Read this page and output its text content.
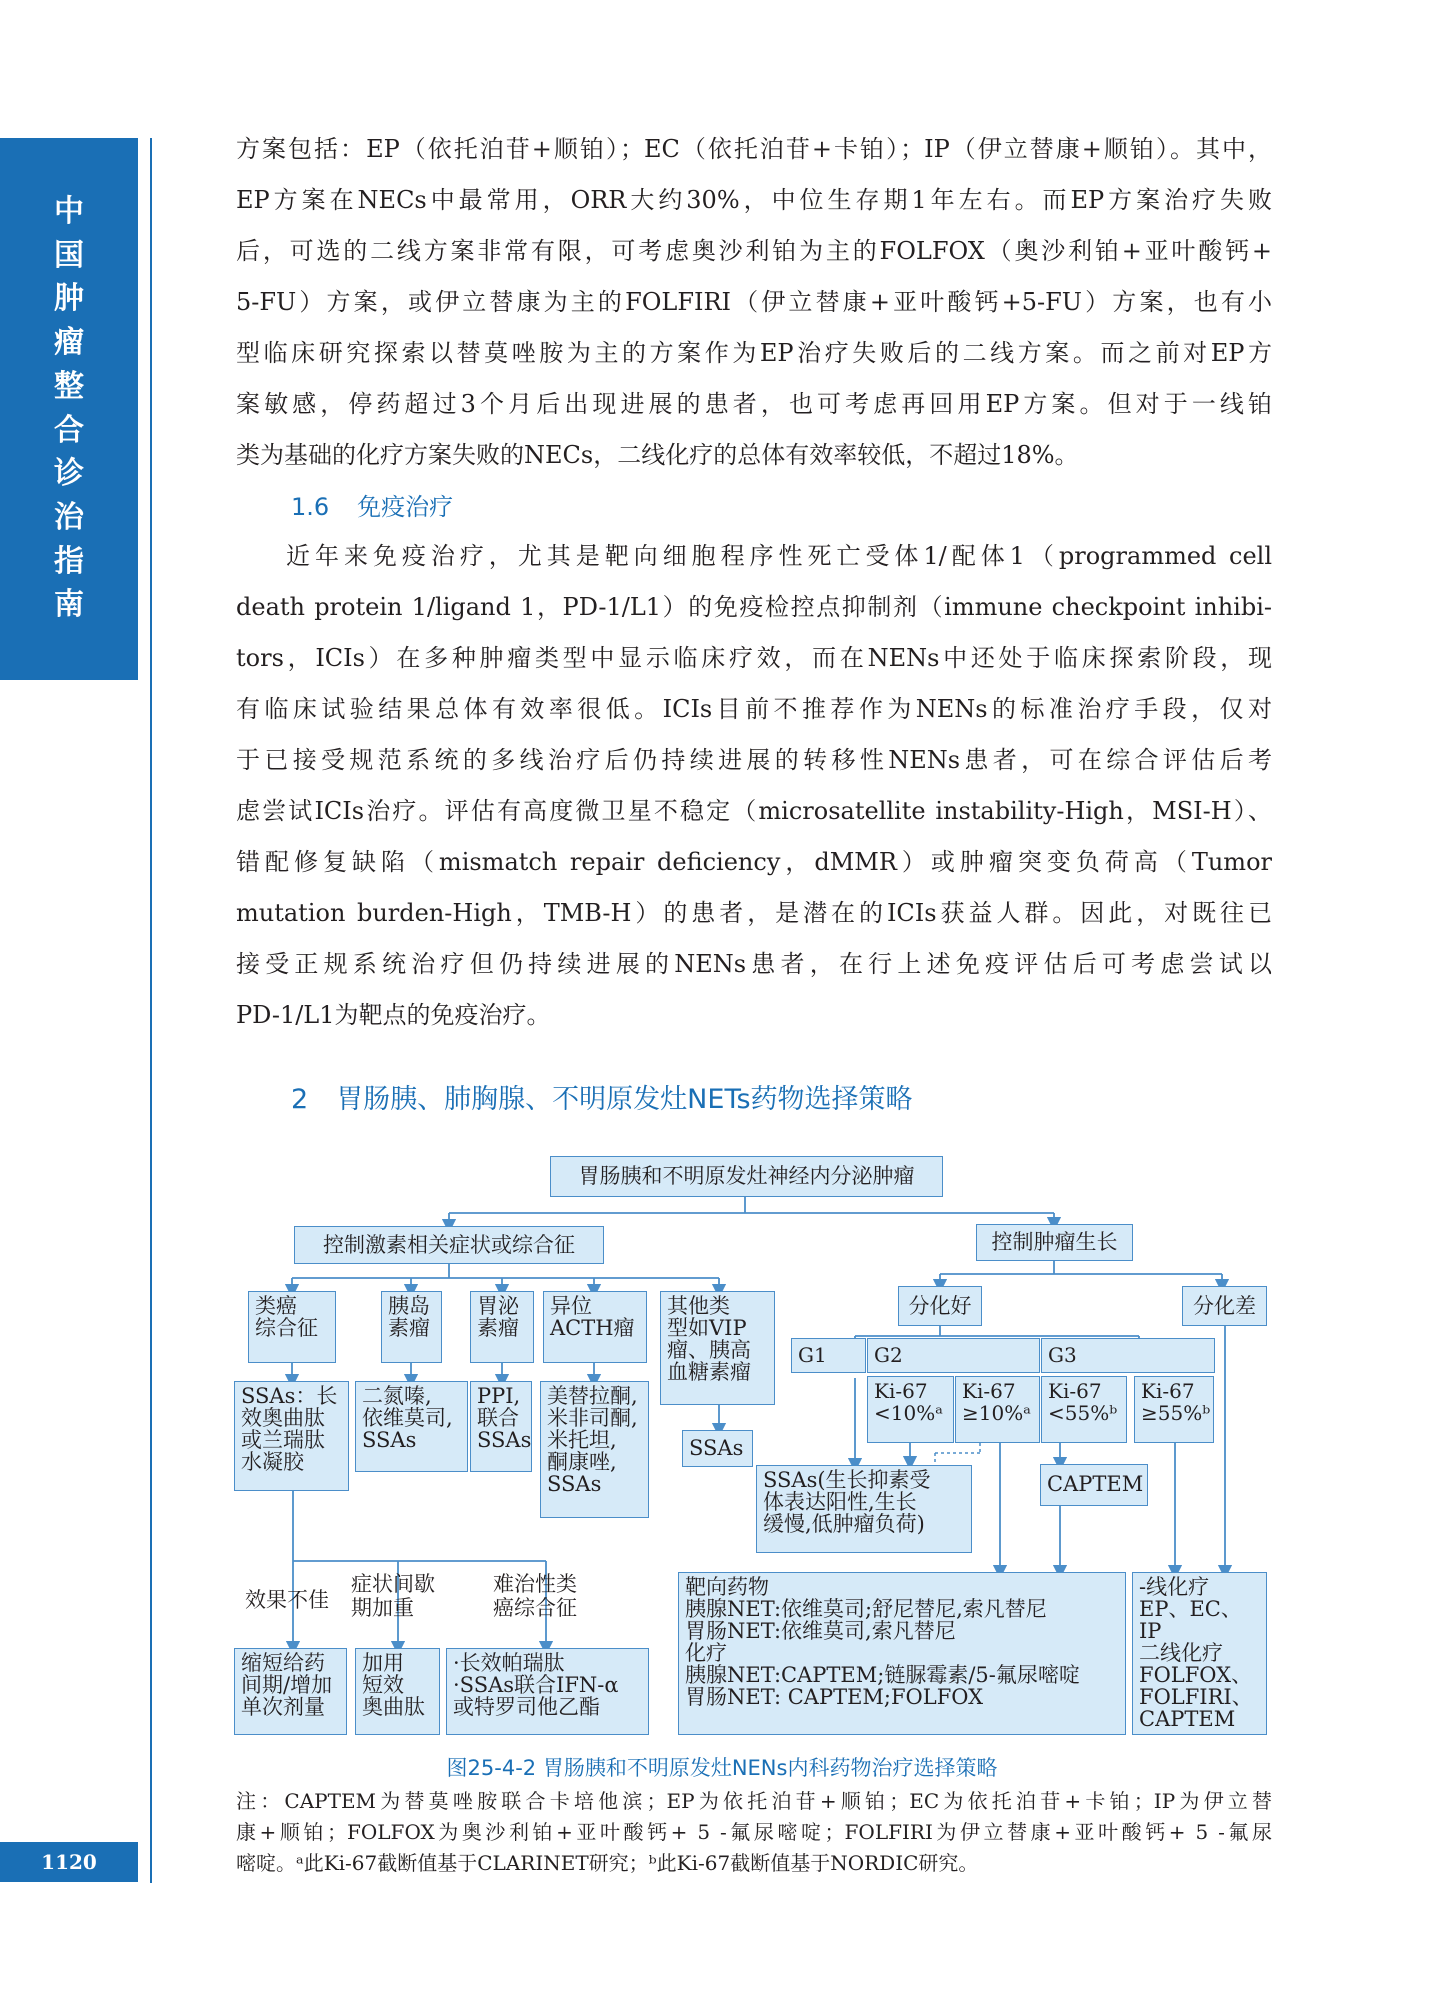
中
国
肿
瘤
整
合
诊
治
指
南
1120
方案包括：EP（依托泊苷+顺铂）；EC（依托泊苷+卡铂）；IP（伊立替康+顺铂）。其中，
EP方案在NECs中最常用，ORR大约30%，中位生存期1年左右。而EP方案治疗失败
后，可选的二线方案非常有限，可考虑奥沙利铂为主的FOLFOX（奥沙利铂+亚叶酸钙+
5-FU）方案，或伊立替康为主的FOLFIRI（伊立替康+亚叶酸钙+5-FU）方案，也有小
型临床研究探索以替莫唑胺为主的方案作为EP治疗失败后的二线方案。而之前对EP方
案敏感，停药超过3个月后出现进展的患者，也可考虑再回用EP方案。但对于一线铂
类为基础的化疗方案失败的NECs，二线化疗的总体有效率较低，不超过18%。
1.6 免疫治疗
近年来免疫治疗，尤其是靶向细胞程序性死亡受体1/配体1（programmed cell
death protein 1/ligand 1，PD-1/L1）的免疫检控点抑制剂（immune checkpoint inhibi-
tors，ICIs）在多种肿瘤类型中显示临床疗效，而在NENs中还处于临床探索阶段，现
有临床试验结果总体有效率很低。ICIs目前不推荐作为NENs的标准治疗手段，仅对
于已接受规范系统的多线治疗后仍持续进展的转移性NENs患者，可在综合评估后考
虑尝试ICIs治疗。评估有高度微卫星不稳定（microsatellite instability-High，MSI-H）、
错配修复缺陷（mismatch repair deficiency，dMMR）或肿瘤突变负荷高（Tumor
mutation burden-High，TMB-H）的患者，是潜在的ICIs获益人群。因此，对既往已
接受正规系统治疗但仍持续进展的NENs患者，在行上述免疫评估后可考虑尝试以
PD-1/L1为靶点的免疫治疗。
2 胃肠胰、肺胸腺、不明原发灶NETs药物选择策略
胃肠胰和不明原发灶神经内分泌肿瘤
控制激素相关症状或综合征	控制肿瘤生长
类癌
综合征
胰岛
素瘤
胃泌
素瘤
异位
ACTH瘤
其他类
型如VIP
瘤、胰高
血糖素瘤
分化好	分化差
G1	G2	G3
Ki-67
<10%ᵃ
Ki-67
≥10%ᵃ
Ki-67
<55%ᵇ
Ki-67
≥55%ᵇ
SSAs：长
效奥曲肽
或兰瑞肽
水凝胶
二氮嗪,
依维莫司,
SSAs
PPI,
联合
SSAs
美替拉酮,
米非司酮,
米托坦,
酮康唑,
SSAs
SSAs
SSAs(生长抑素受
体表达阳性,生长
缓慢,低肿瘤负荷)
CAPTEM
效果不佳
症状间歇
期加重
难治性类
癌综合征
缩短给药
间期/增加
单次剂量
加用
短效
奥曲肽
·长效帕瑞肽
·SSAs联合IFN-α
或特罗司他乙酯
靶向药物
胰腺NET:依维莫司;舒尼替尼,索凡替尼
胃肠NET:依维莫司,索凡替尼
化疗
胰腺NET:CAPTEM;链脲霉素/5-氟尿嘧啶
胃肠NET: CAPTEM;FOLFOX
-线化疗
EP、EC、IP
二线化疗
FOLFOX、
FOLFIRI、
CAPTEM
图25-4-2 胃肠胰和不明原发灶NENs内科药物治疗选择策略
注：CAPTEM为替莫唑胺联合卡培他滨；EP为依托泊苷+顺铂；EC为依托泊苷+卡铂；IP为伊立替
康+顺铂；FOLFOX为奥沙利铂+亚叶酸钙+ 5 -氟尿嘧啶；FOLFIRI为伊立替康+亚叶酸钙+ 5 -氟尿
嘧啶。ᵃ此Ki-67截断值基于CLARINET研究；ᵇ此Ki-67截断值基于NORDIC研究。
